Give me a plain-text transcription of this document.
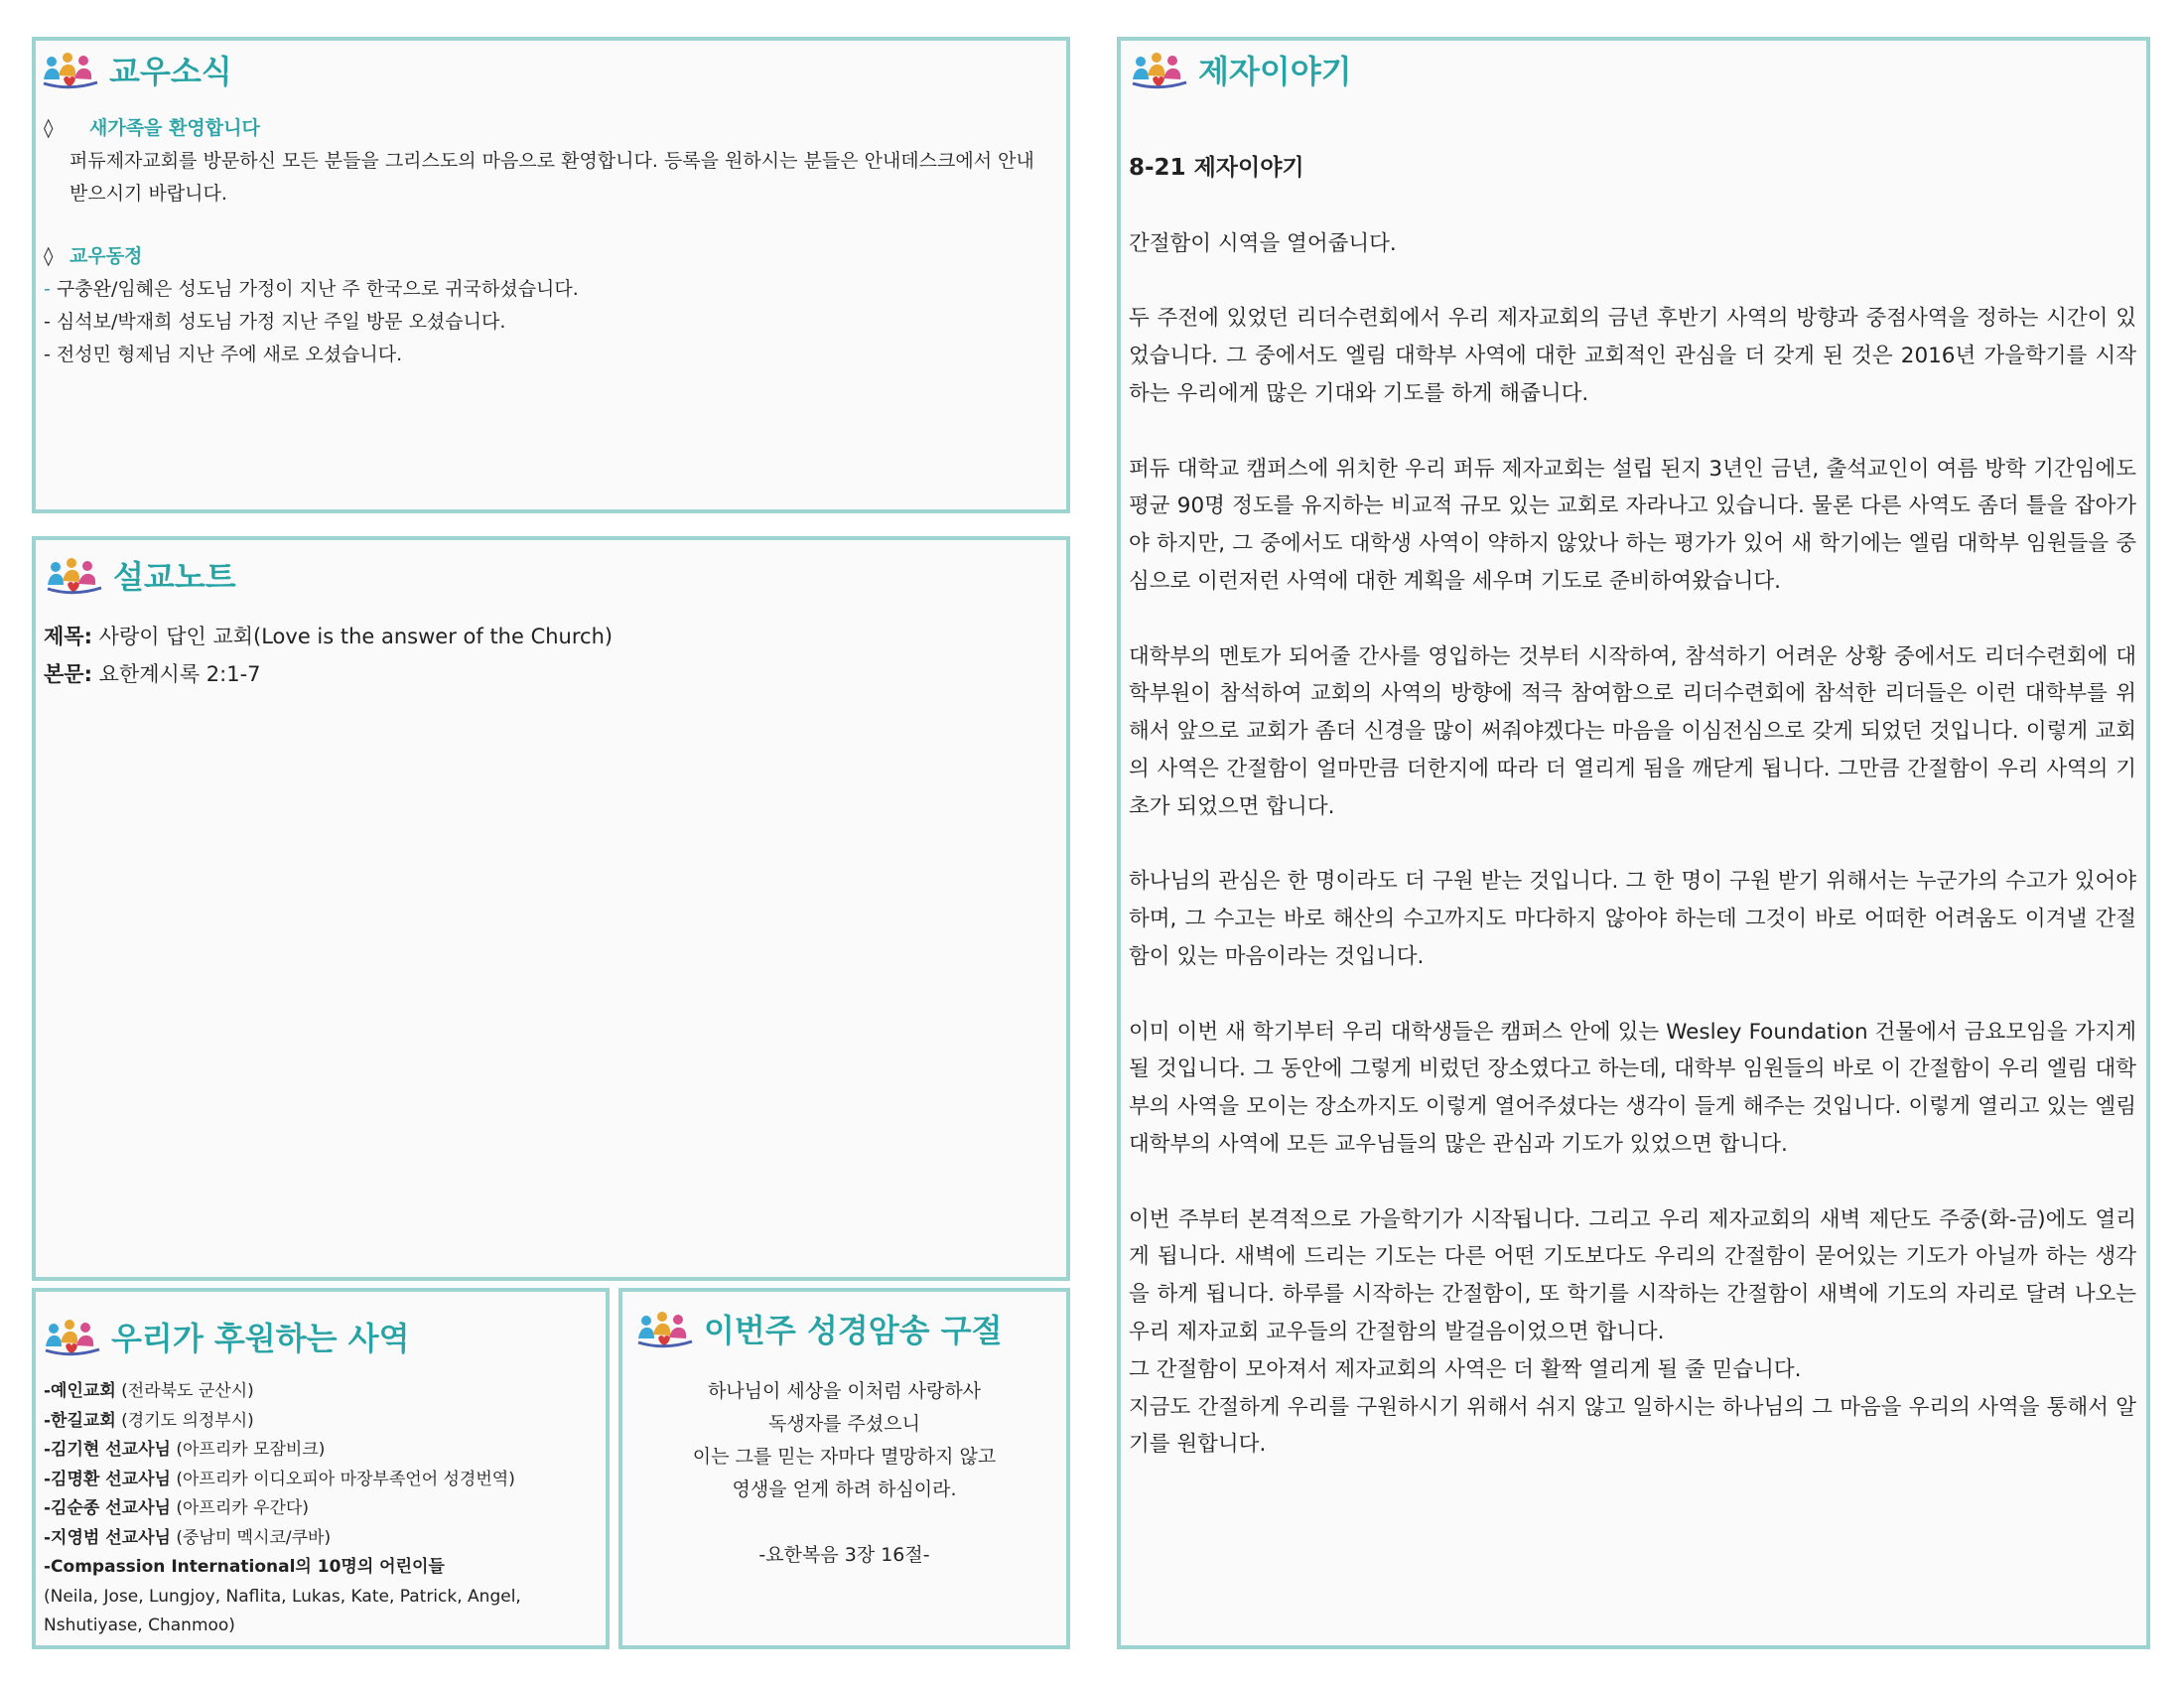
교우소식
◊ 새가족을 환영합니다
퍼듀제자교회를 방문하신 모든 분들을 그리스도의 마음으로 환영합니다. 등록을 원하시는 분들은 안내데스크에서 안내 받으시기 바랍니다.
◊ 교우동정
- 구충완/임혜은 성도님 가정이 지난 주 한국으로 귀국하셨습니다.
- 심석보/박재희 성도님 가정 지난 주일 방문 오셨습니다.
- 전성민 형제님 지난 주에 새로 오셨습니다.
설교노트
제목: 사랑이 답인 교회(Love is the answer of the Church)
본문: 요한계시록 2:1-7
우리가 후원하는 사역
-예인교회 (전라북도 군산시)
-한길교회 (경기도 의정부시)
-김기현 선교사님 (아프리카 모잠비크)
-김명환 선교사님 (아프리카 이디오피아 마장부족언어 성경번역)
-김순종 선교사님 (아프리카 우간다)
-지영범 선교사님 (중남미 멕시코/쿠바)
-Compassion International의 10명의 어린이들
(Neila, Jose, Lungjoy, Naflita, Lukas, Kate, Patrick, Angel, Nshutiyase, Chanmoo)
이번주 성경암송 구절
하나님이 세상을 이처럼 사랑하사
독생자를 주셨으니
이는 그를 믿는 자마다 멸망하지 않고
영생을 얻게 하려 하심이라.
-요한복음 3장 16절-
제자이야기
8-21 제자이야기

간절함이 시역을 열어줍니다.

두 주전에 있었던 리더수련회에서 우리 제자교회의 금년 후반기 사역의 방향과 중점사역을 정하는 시간이 있었습니다. 그 중에서도 엘림 대학부 사역에 대한 교회적인 관심을 더 갖게 된 것은 2016년 가을학기를 시작하는 우리에게 많은 기대와 기도를 하게 해줍니다.

퍼듀 대학교 캠퍼스에 위치한 우리 퍼듀 제자교회는 설립 된지 3년인 금년, 출석교인이 여름 방학 기간임에도 평균 90명 정도를 유지하는 비교적 규모 있는 교회로 자라나고 있습니다. 물론 다른 사역도 좀더 틀을 잡아가야 하지만, 그 중에서도 대학생 사역이 약하지 않았나 하는 평가가 있어 새 학기에는 엘림 대학부 임원들을 중심으로 이런저런 사역에 대한 계획을 세우며 기도로 준비하여왔습니다.

대학부의 멘토가 되어줄 간사를 영입하는 것부터 시작하여, 참석하기 어려운 상황 중에서도 리더수련회에 대학부원이 참석하여 교회의 사역의 방향에 적극 참여함으로 리더수련회에 참석한 리더들은 이런 대학부를 위해서 앞으로 교회가 좀더 신경을 많이 써줘야겠다는 마음을 이심전심으로 갖게 되었던 것입니다. 이렇게 교회의 사역은 간절함이 얼마만큼 더한지에 따라 더 열리게 됨을 깨닫게 됩니다. 그만큼 간절함이 우리 사역의 기초가 되었으면 합니다.

하나님의 관심은 한 명이라도 더 구원 받는 것입니다. 그 한 명이 구원 받기 위해서는 누군가의 수고가 있어야 하며, 그 수고는 바로 해산의 수고까지도 마다하지 않아야 하는데 그것이 바로 어떠한 어려움도 이겨낼 간절함이 있는 마음이라는 것입니다.

이미 이번 새 학기부터 우리 대학생들은 캠퍼스 안에 있는 Wesley Foundation 건물에서 금요모임을 가지게 될 것입니다. 그 동안에 그렇게 비렀던 장소였다고 하는데, 대학부 임원들의 바로 이 간절함이 우리 엘림 대학부의 사역을 모이는 장소까지도 이렇게 열어주셨다는 생각이 들게 해주는 것입니다. 이렇게 열리고 있는 엘림 대학부의 사역에 모든 교우님들의 많은 관심과 기도가 있었으면 합니다.

이번 주부터 본격적으로 가을학기가 시작됩니다. 그리고 우리 제자교회의 새벽 제단도 주중(화-금)에도 열리게 됩니다. 새벽에 드리는 기도는 다른 어떤 기도보다도 우리의 간절함이 묻어있는 기도가 아닐까 하는 생각을 하게 됩니다. 하루를 시작하는 간절함이, 또 학기를 시작하는 간절함이 새벽에 기도의 자리로 달려 나오는 우리 제자교회 교우들의 간절함의 발걸음이었으면 합니다.

그 간절함이 모아져서 제자교회의 사역은 더 활짝 열리게 될 줄 믿습니다.

지금도 간절하게 우리를 구원하시기 위해서 쉬지 않고 일하시는 하나님의 그 마음을 우리의 사역을 통해서 알기를 원합니다.
